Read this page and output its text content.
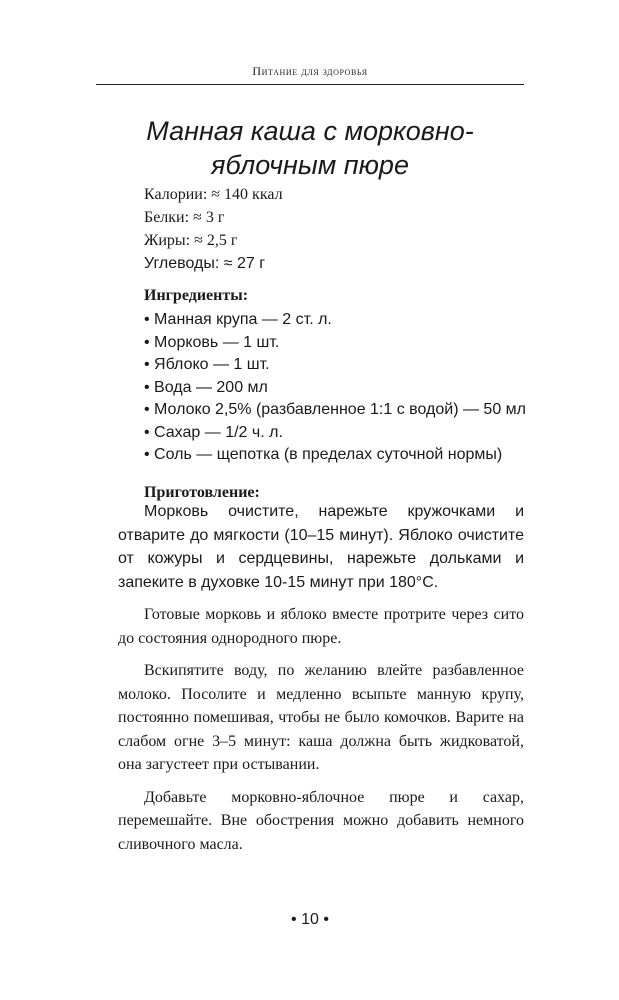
Питание для здоровья
Манная каша с морковно-
яблочным пюре
Калории: ≈ 140 ккал
Белки: ≈ 3 г
Жиры: ≈ 2,5 г
Углеводы: ≈ 27 г
Ингредиенты:
• Манная крупа — 2 ст. л.
• Морковь — 1 шт.
• Яблоко — 1 шт.
• Вода — 200 мл
• Молоко 2,5% (разбавленное 1:1 с водой) — 50 мл
• Сахар — 1/2 ч. л.
• Соль — щепотка (в пределах суточной нормы)
Приготовление:

Морковь очистите, нарежьте кружочками и отварите до мягкости (10–15 минут). Яблоко очистите от кожуры и сердцевины, нарежьте дольками и запеките в духовке 10-15 минут при 180°С.

Готовые морковь и яблоко вместе протрите через сито до состояния однородного пюре.

Вскипятите воду, по желанию влейте разбавленное молоко. Посолите и медленно всыпьте манную крупу, постоянно помешивая, чтобы не было комочков. Варите на слабом огне 3–5 минут: каша должна быть жидковатой, она загустеет при остывании.

Добавьте морковно-яблочное пюре и сахар, перемешайте. Вне обострения можно добавить немного сливочного масла.

• 10 •
